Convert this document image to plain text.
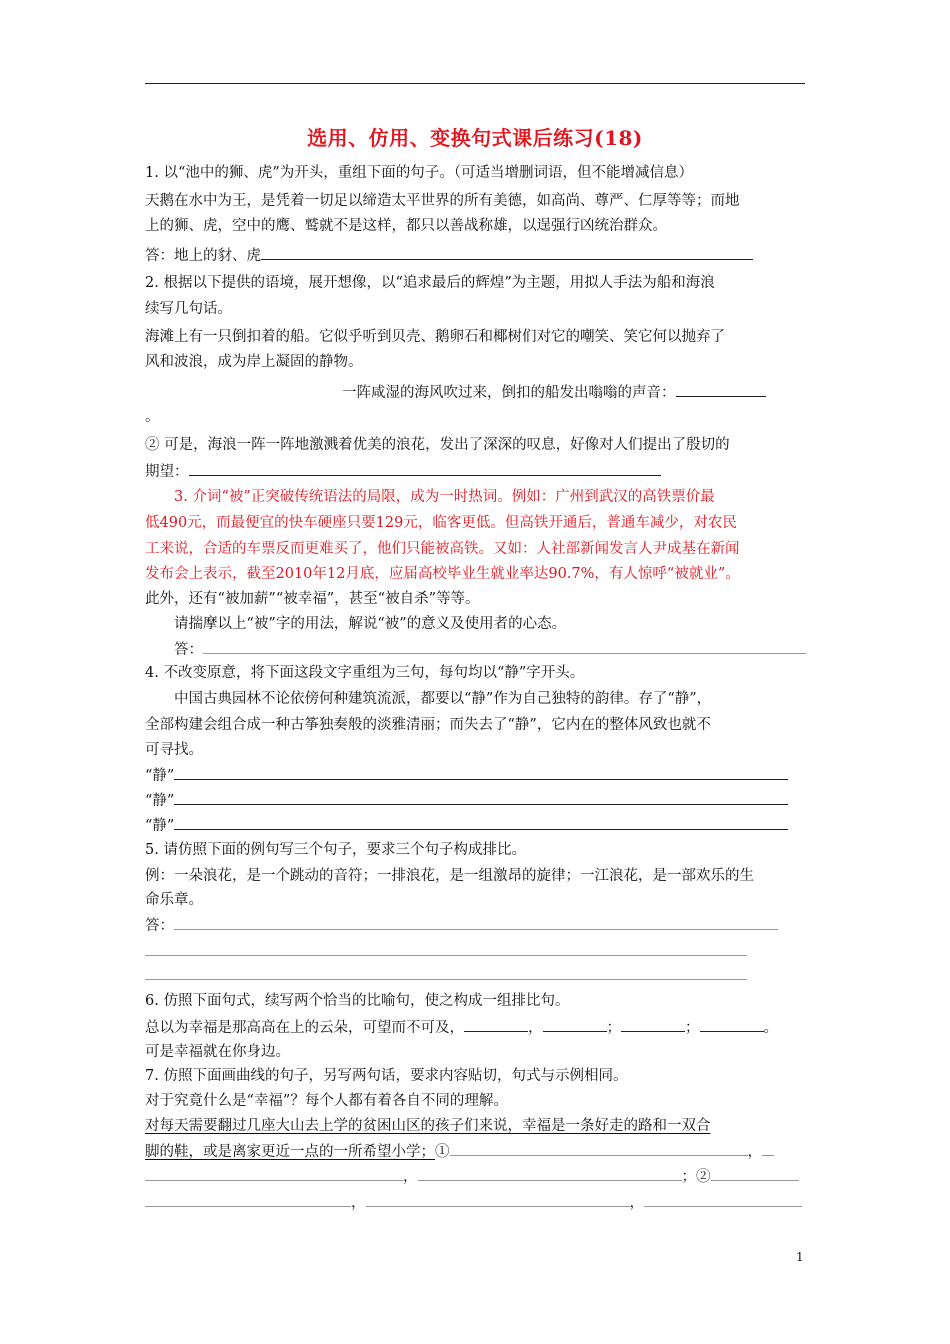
选用、仿用、变换句式课后练习(18)
1. 以“池中的狮、虎”为开头，重组下面的句子。（可适当增删词语，但不能增减信息）
天鹅在水中为王，是凭着一切足以缔造太平世界的所有美德，如高尚、尊严、仁厚等等；而地
上的狮、虎，空中的鹰、鹫就不是这样，都只以善战称雄，以逞强行凶统治群众。
答：地上的豺、虎
2. 根据以下提供的语境，展开想像，以“追求最后的辉煌”为主题，用拟人手法为船和海浪
续写几句话。
海滩上有一只倒扣着的船。它似乎听到贝壳、鹅卵石和椰树们对它的嘲笑、笑它何以抛弃了
风和波浪，成为岸上凝固的静物。
一阵咸湿的海风吹过来，倒扣的船发出嗡嗡的声音：
。
② 可是，海浪一阵一阵地激溅着优美的浪花，发出了深深的叹息，好像对人们提出了殷切的
期望：
3. 介词“被”正突破传统语法的局限，成为一时热词。例如：广州到武汉的高铁票价最
低490元，而最便宜的快车硬座只要129元，临客更低。但高铁开通后，普通车减少，对农民
工来说，合适的车票反而更难买了，他们只能被高铁。又如：人社部新闻发言人尹成基在新闻
发布会上表示，截至2010年12月底，应届高校毕业生就业率达90.7%，有人惊呼“被就业”。
此外，还有“被加薪”“被幸福”，甚至“被自杀”等等。
请揣摩以上“被”字的用法，解说“被”的意义及使用者的心态。
答：
4. 不改变原意，将下面这段文字重组为三句，每句均以“静”字开头。
中国古典园林不论依傍何种建筑流派，都要以“静”作为自己独特的韵律。存了“静”，
全部构建会组合成一种古筝独奏般的淡雅清丽；而失去了“静”，它内在的整体风致也就不
可寻找。
“静”
“静”
“静”
5. 请仿照下面的例句写三个句子，要求三个句子构成排比。
例：一朵浪花，是一个跳动的音符；一排浪花，是一组激昂的旋律；一江浪花，是一部欢乐的生
命乐章。
答：
6. 仿照下面句式，续写两个恰当的比喻句，使之构成一组排比句。
总以为幸福是那高高在上的云朵，可望而不可及，	，	；	；	。
可是幸福就在你身边。
7. 仿照下面画曲线的句子，另写两句话，要求内容贴切，句式与示例相同。
对于究竟什么是“幸福”？每个人都有着各自不同的理解。
对每天需要翻过几座大山去上学的贫困山区的孩子们来说，幸福是一条好走的路和一双合
脚的鞋，或是离家更近一点的一所希望小学；①	，
，	；②
，	，
1
